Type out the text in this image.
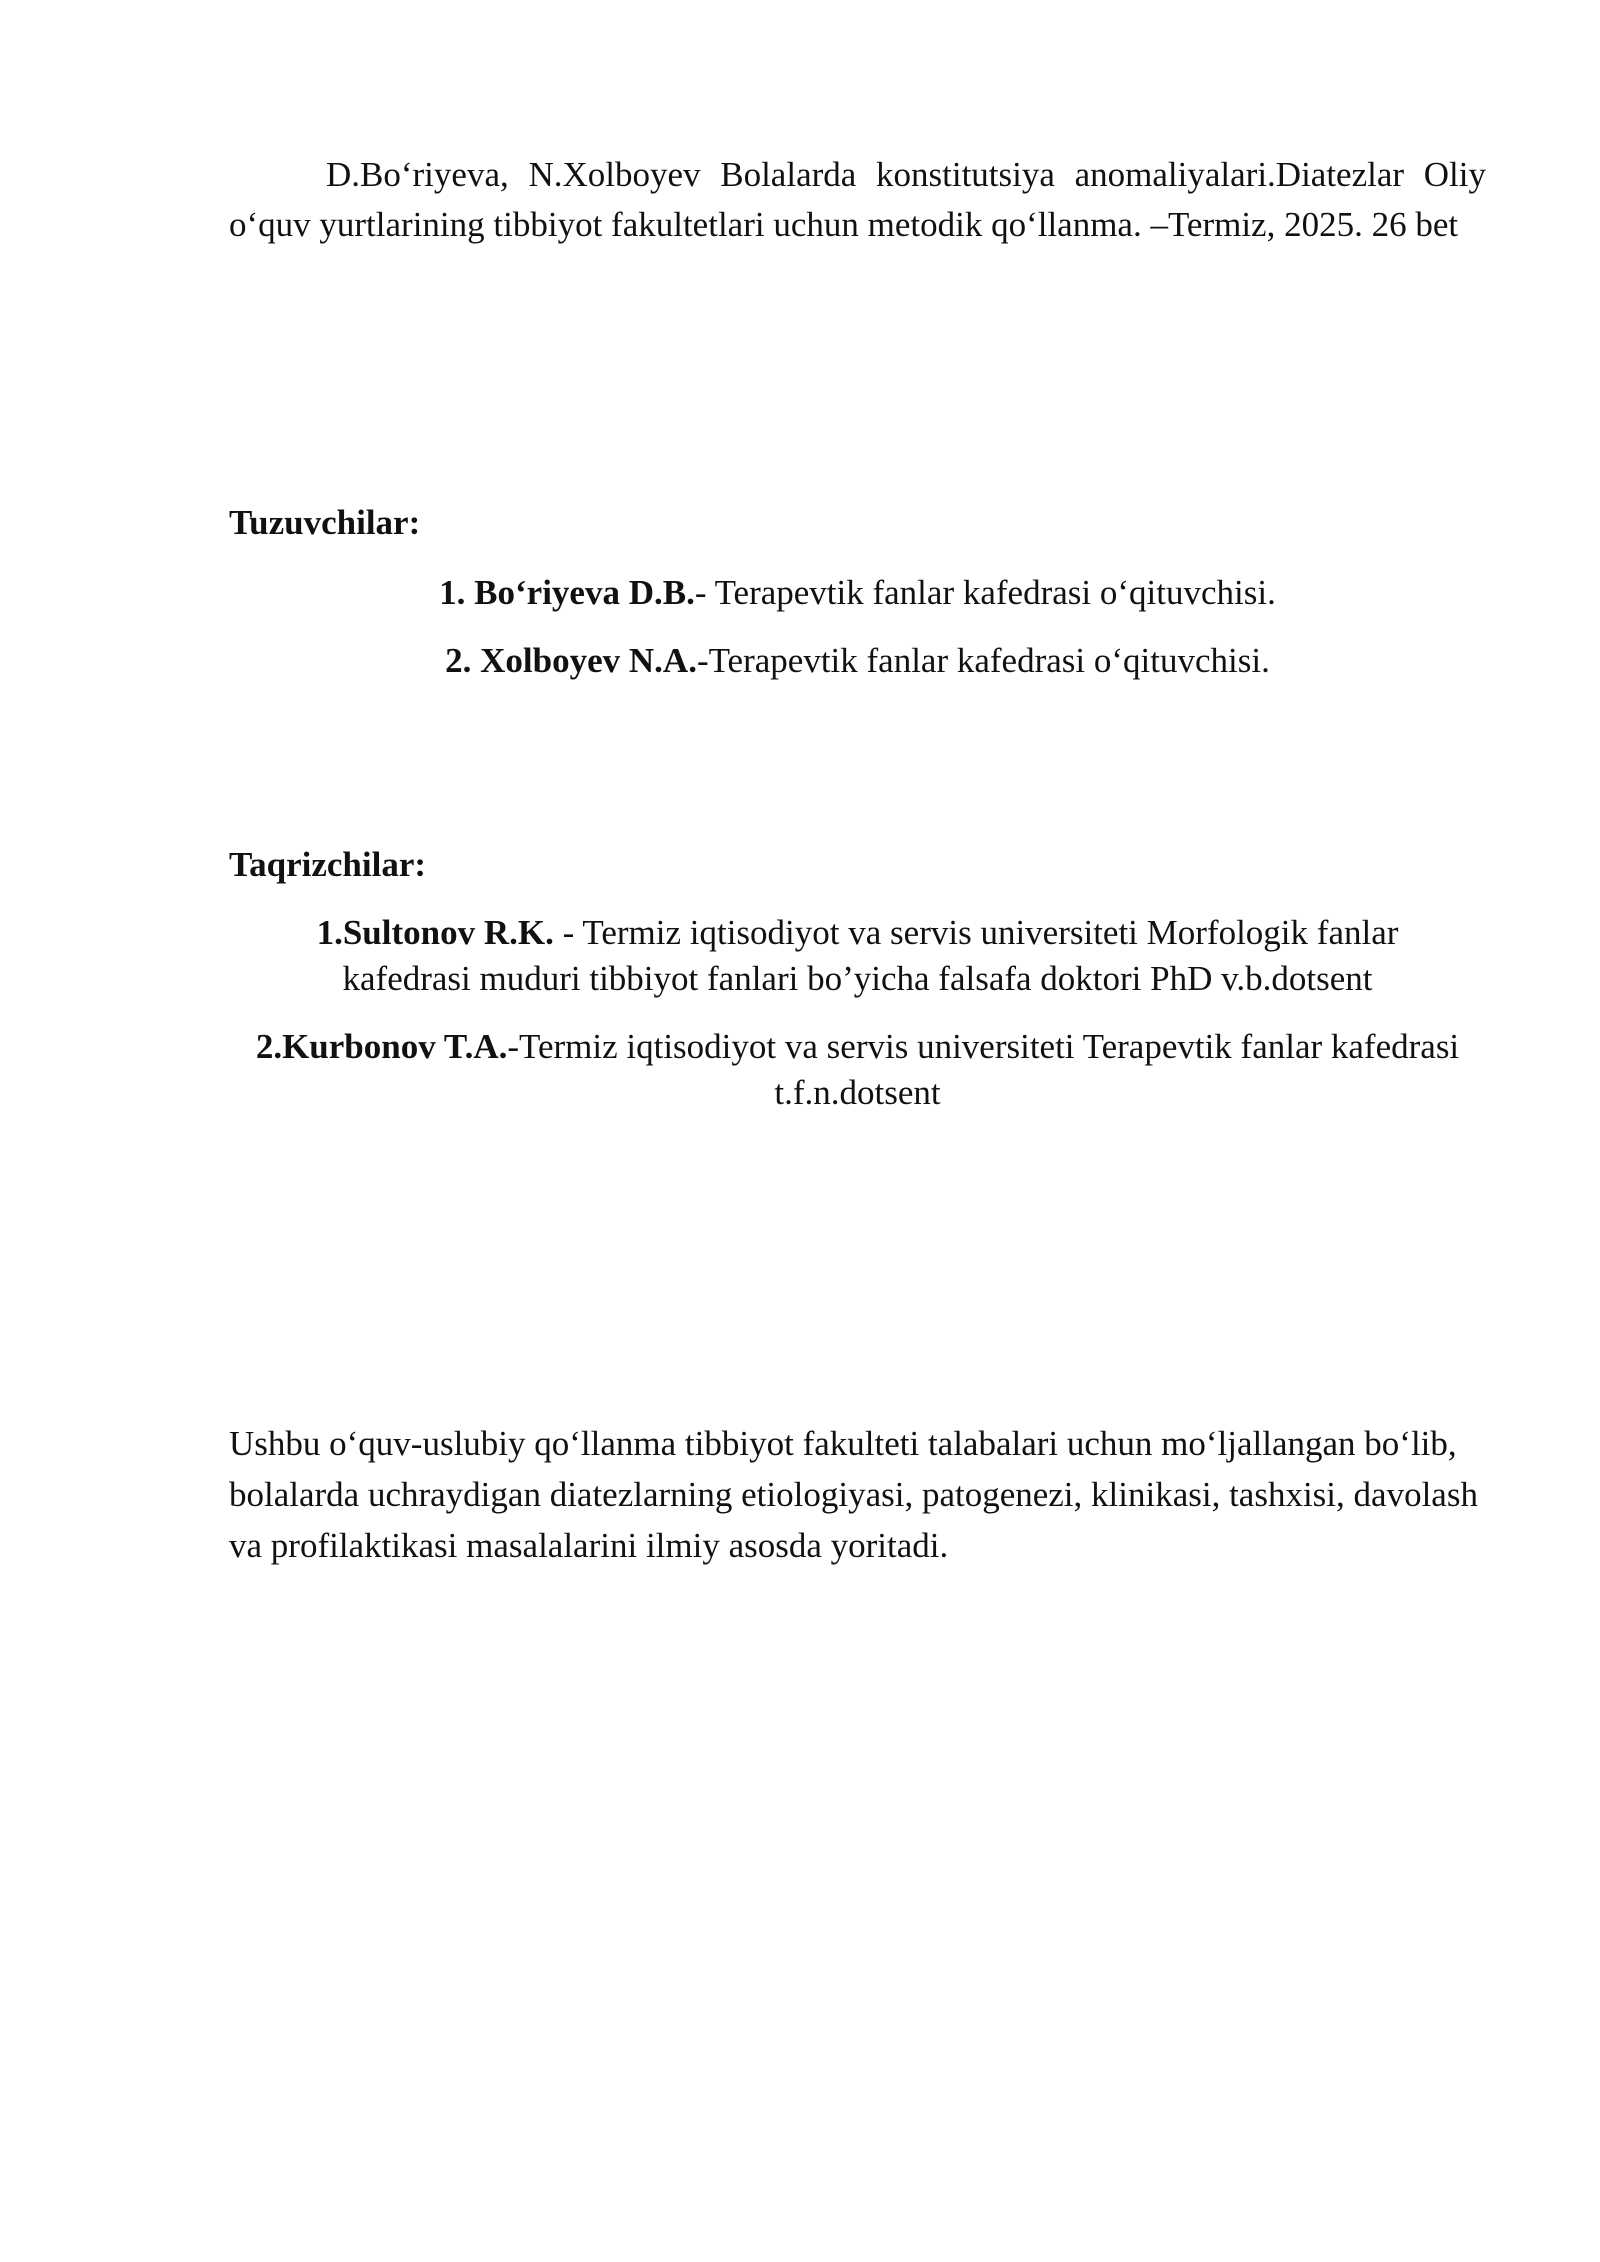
D.Bo‘riyeva, N.Xolboyev Bolalarda konstitutsiya anomaliyalari.Diatezlar Oliy o‘quv yurtlarining tibbiyot fakultetlari uchun metodik qo‘llanma. –Termiz, 2025. 26 bet

Tuzuvchilar:

1. Bo‘riyeva D.B.- Terapevtik fanlar kafedrasi o‘qituvchisi.

2. Xolboyev N.A.-Terapevtik fanlar kafedrasi o‘qituvchisi.

Taqrizchilar:

1.Sultonov R.K. - Termiz iqtisodiyot va servis universiteti Morfologik fanlar kafedrasi muduri tibbiyot fanlari bo’yicha falsafa doktori PhD v.b.dotsent

2.Kurbonov T.A.-Termiz iqtisodiyot va servis universiteti Terapevtik fanlar kafedrasi t.f.n.dotsent

Ushbu o‘quv-uslubiy qo‘llanma tibbiyot fakulteti talabalari uchun mo‘ljallangan bo‘lib, bolalarda uchraydigan diatezlarning etiologiyasi, patogenezi, klinikasi, tashxisi, davolash va profilaktikasi masalalarini ilmiy asosda yoritadi.
